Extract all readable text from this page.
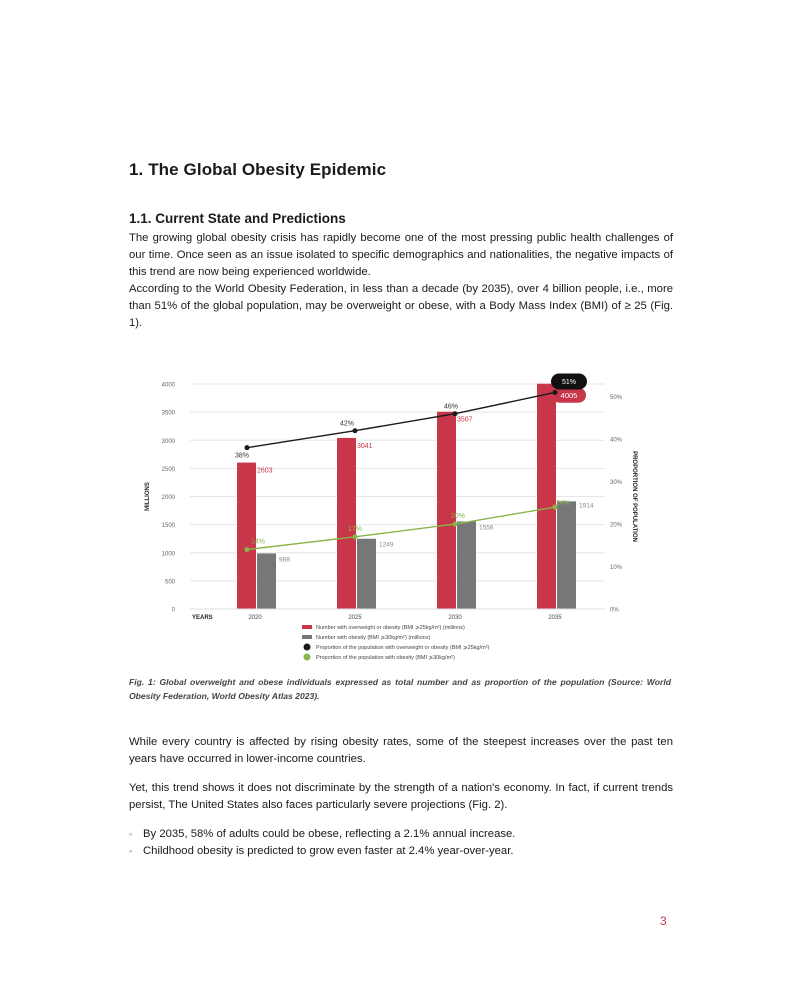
1. The Global Obesity Epidemic
1.1. Current State and Predictions

The growing global obesity crisis has rapidly become one of the most pressing public health challenges of our time. Once seen as an issue isolated to specific demographics and nationalities, the negative impacts of this trend are now being experienced worldwide.

According to the World Obesity Federation, in less than a decade (by 2035), over 4 billion people, i.e., more than 51% of the global population, may be overweight or obese, with a Body Mass Index (BMI) of ≥ 25 (Fig. 1).

0
500
1000
1500
2000
2500
3000
3500
4000
0%
10%
20%
30%
40%
50%
MILLIONS	PROPORTION OF POPULATION
YEARS	2020	2025	2030	2035
2603
3041
3507
4005
988
1249
1556
1914
38%
42%
46%
51%
14%
17%
20%
24%
Number with overweight or obesity (BMI ⩾25kg/m²) (millions)
Number with obesity (BMI ⩾30kg/m²) (millions)
Proportion of the population with overweight or obesity (BMI ⩾25kg/m²)
Proportion of the population with obesity (BMI ⩾30kg/m²)

Fig. 1: Global overweight and obese individuals expressed as total number and as proportion of the population (Source: World Obesity Federation, World Obesity Atlas 2023).

While every country is affected by rising obesity rates, some of the steepest increases over the past ten years have occurred in lower-income countries.

Yet, this trend shows it does not discriminate by the strength of a nation's economy. In fact, if current trends persist, The United States also faces particularly severe projections (Fig. 2).

◦ By 2035, 58% of adults could be obese, reflecting a 2.1% annual increase.
◦ Childhood obesity is predicted to grow even faster at 2.4% year-over-year.
3
